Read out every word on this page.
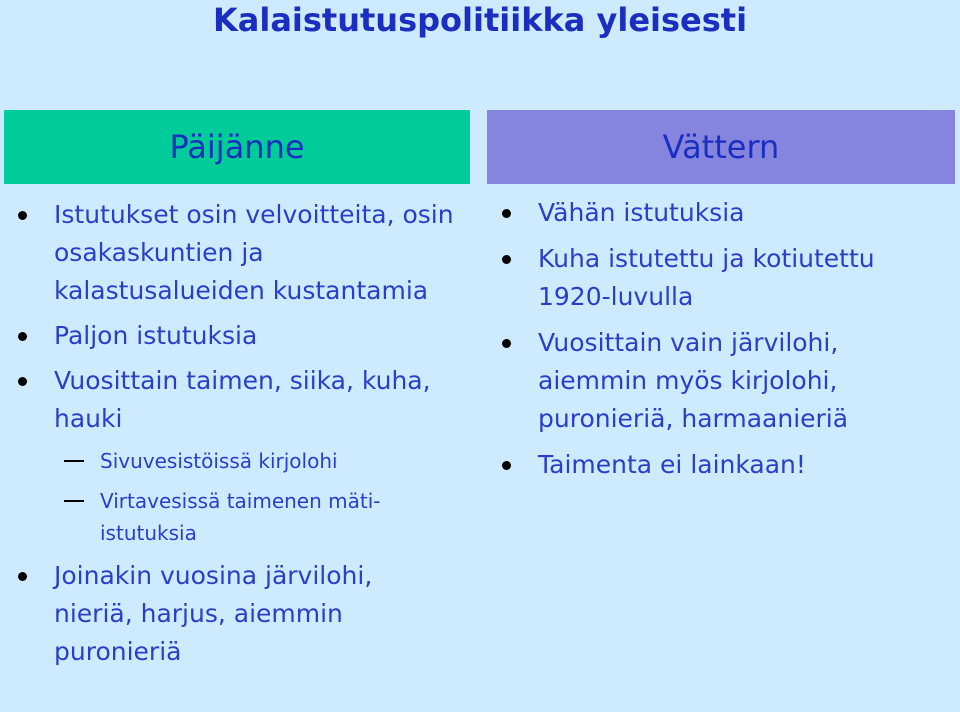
Kalaistutuspolitiikka yleisesti
Päijänne	Vättern
Istutukset osin velvoitteita, osin osakaskuntien ja kalastusalueiden kustantamia
Paljon istutuksia
Vuosittain taimen, siika, kuha, hauki
Sivuvesistöissä kirjolohi
Virtavesissä taimenen mäti-istutuksia
Joinakin vuosina järvilohi, nieriä, harjus, aiemmin puronieriä
Vähän istutuksia
Kuha istutettu ja kotiutettu 1920-luvulla
Vuosittain vain järvilohi, aiemmin myös kirjolohi, puronieriä, harmaanieriä
Taimenta ei lainkaan!
